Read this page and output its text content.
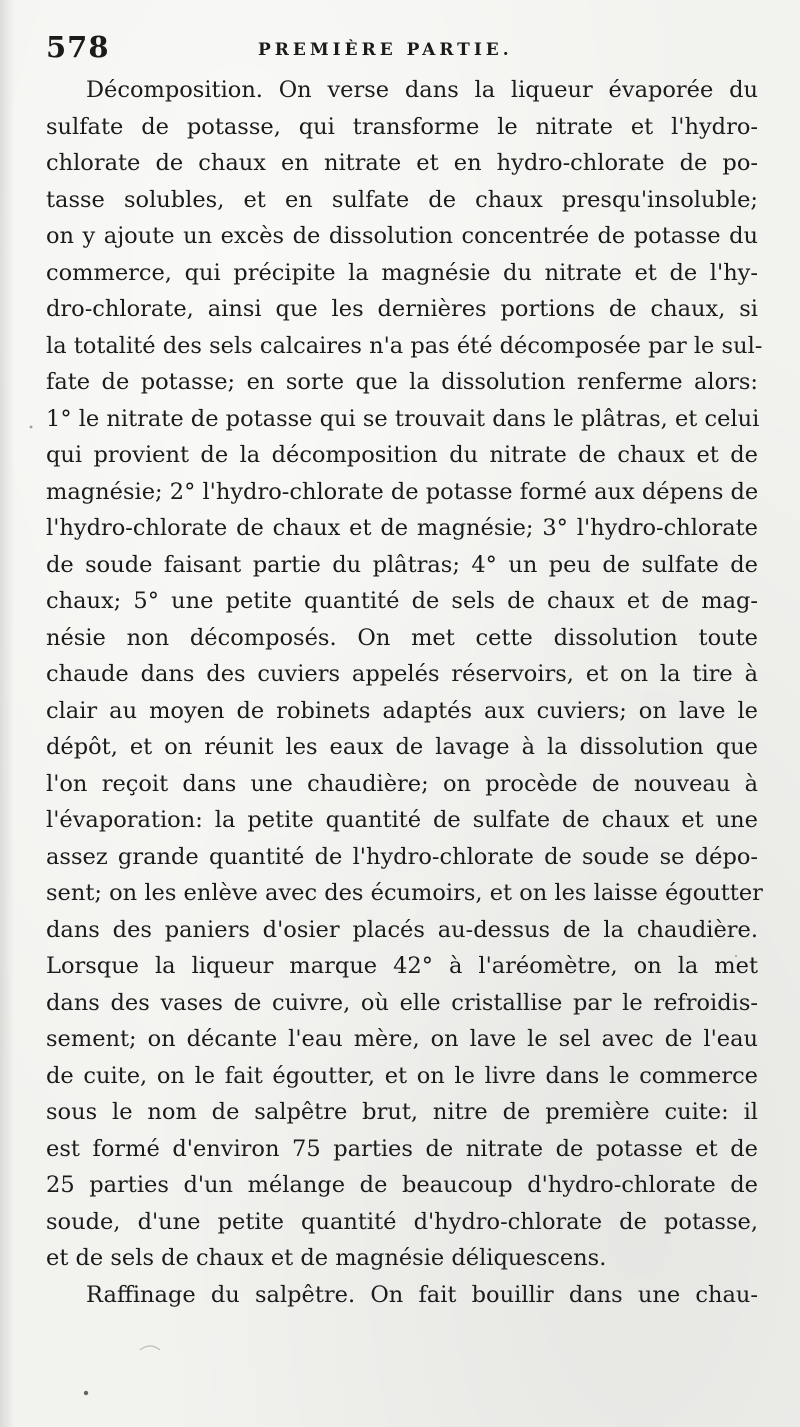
578	PREMIÈRE PARTIE.
Décomposition. On verse dans la liqueur évaporée du
sulfate de potasse, qui transforme le nitrate et l'hydro-
chlorate de chaux en nitrate et en hydro-chlorate de po-
tasse solubles, et en sulfate de chaux presqu'insoluble;
on y ajoute un excès de dissolution concentrée de potasse du
commerce, qui précipite la magnésie du nitrate et de l'hy-
dro-chlorate, ainsi que les dernières portions de chaux, si
la totalité des sels calcaires n'a pas été décomposée par le sul-
fate de potasse; en sorte que la dissolution renferme alors:
1° le nitrate de potasse qui se trouvait dans le plâtras, et celui
qui provient de la décomposition du nitrate de chaux et de
magnésie; 2° l'hydro-chlorate de potasse formé aux dépens de
l'hydro-chlorate de chaux et de magnésie; 3° l'hydro-chlorate
de soude faisant partie du plâtras; 4° un peu de sulfate de
chaux; 5° une petite quantité de sels de chaux et de mag-
nésie non décomposés. On met cette dissolution toute
chaude dans des cuviers appelés réservoirs, et on la tire à
clair au moyen de robinets adaptés aux cuviers; on lave le
dépôt, et on réunit les eaux de lavage à la dissolution que
l'on reçoit dans une chaudière; on procède de nouveau à
l'évaporation: la petite quantité de sulfate de chaux et une
assez grande quantité de l'hydro-chlorate de soude se dépo-
sent; on les enlève avec des écumoirs, et on les laisse égoutter
dans des paniers d'osier placés au-dessus de la chaudière.
Lorsque la liqueur marque 42° à l'aréomètre, on la met
dans des vases de cuivre, où elle cristallise par le refroidis-
sement; on décante l'eau mère, on lave le sel avec de l'eau
de cuite, on le fait égoutter, et on le livre dans le commerce
sous le nom de salpêtre brut, nitre de première cuite: il
est formé d'environ 75 parties de nitrate de potasse et de
25 parties d'un mélange de beaucoup d'hydro-chlorate de
soude, d'une petite quantité d'hydro-chlorate de potasse,
et de sels de chaux et de magnésie déliquescens.
Raffinage du salpêtre. On fait bouillir dans une chau-
